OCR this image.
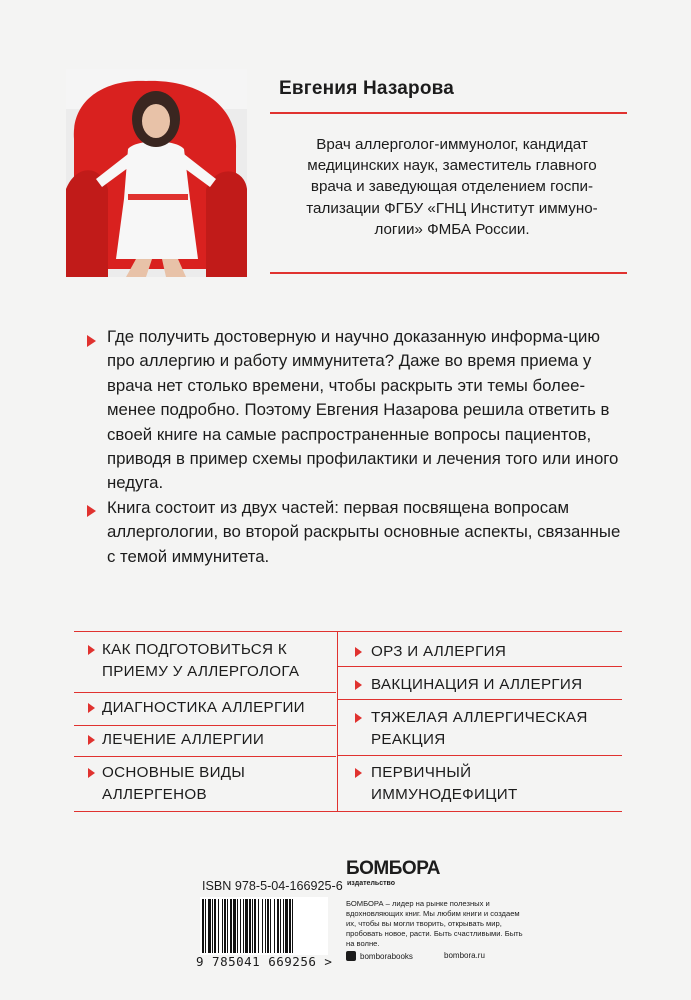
Евгения Назарова
Врач аллерголог-иммунолог, кандидат медицинских наук, заместитель главного врача и заведующая отделением госпи-тализации ФГБУ «ГНЦ Институт иммуно-логии» ФМБА России.
Где получить достоверную и научно доказанную информа-цию про аллергию и работу иммунитета? Даже во время приема у врача нет столько времени, чтобы раскрыть эти темы более-менее подробно. Поэтому Евгения Назарова решила ответить в своей книге на самые распространенные вопросы пациентов, приводя в пример схемы профилактики и лечения того или иного недуга.
Книга состоит из двух частей: первая посвящена вопросам аллергологии, во второй раскрыты основные аспекты, связанные с темой иммунитета.
КАК ПОДГОТОВИТЬСЯ К ПРИЕМУ У АЛЛЕРГОЛОГА
ДИАГНОСТИКА АЛЛЕРГИИ
ЛЕЧЕНИЕ АЛЛЕРГИИ
ОСНОВНЫЕ ВИДЫ АЛЛЕРГЕНОВ
ОРЗ И АЛЛЕРГИЯ
ВАКЦИНАЦИЯ И АЛЛЕРГИЯ
ТЯЖЕЛАЯ АЛЛЕРГИЧЕСКАЯ РЕАКЦИЯ
ПЕРВИЧНЫЙ ИММУНОДЕФИЦИТ
ISBN 978-5-04-166925-6
9 785041 669256 >
БОМБОРА
издательство
БОМБОРА – лидер на рынке полезных и вдохновляющих книг. Мы любим книги и создаем их, чтобы вы могли творить, открывать мир, пробовать новое, расти. Быть счастливыми. Быть на волне.
bomborabooks	bombora.ru
